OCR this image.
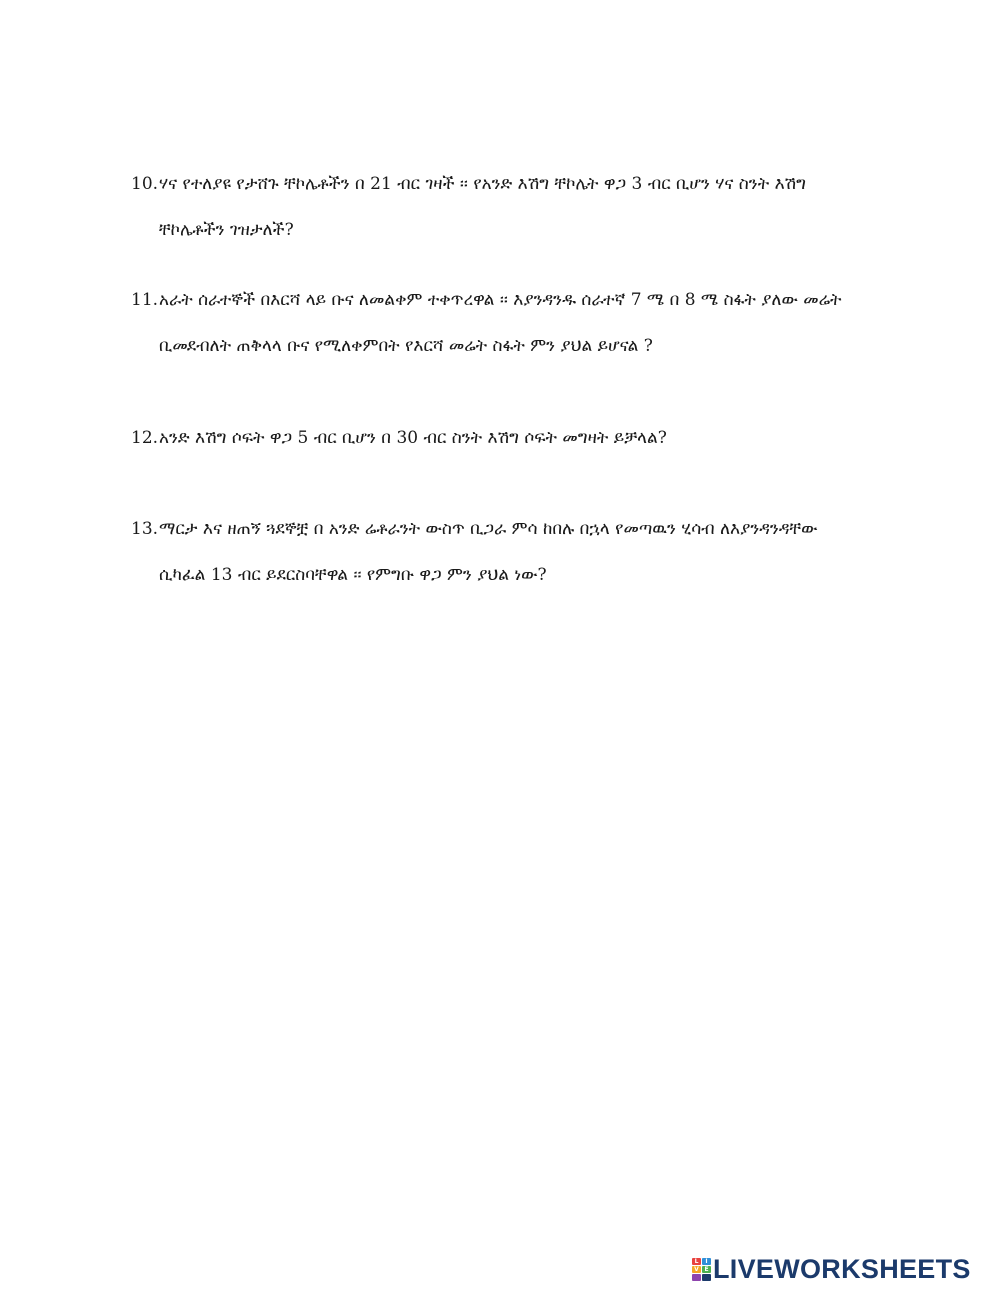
10.ሃና የተለያዩ የታሸጉ ቸኮሌቶችን በ 21 ብር ገዛች ፡፡ የአንድ እሽግ ቸኮሌት ዋጋ 3 ብር ቢሆን ሃና ስንት እሽግ
ቸኮሌቶችን ገዝታለች?
11.አራት ሰራተኞች በእርሻ ላይ ቡና ለመልቀም ተቀጥረዋል ፡፡ እያንዳንዱ ሰራተኛ 7 ሜ በ 8 ሜ ስፋት ያለው መሬት
ቢመደብለት ጠቅላላ ቡና የሚለቀምበት የእርሻ መሬት ስፋት ምን ያህል ይሆናል ?
12.አንድ እሽግ ሶፍት ዋጋ 5 ብር ቢሆን በ 30 ብር ስንት እሽግ ሶፍት መግዛት ይቻላል?
13.ማርታ እና ዘጠኝ ጓደኞቿ በ አንድ ሬቶራንት ውስጥ ቢጋራ ምሳ ከበሉ በኋላ የመጣዉን ሂሳብ ለእያንዳንዳቸው
ሲካፈል 13 ብር ይደርስባቸዋል ፡፡ የምግቡ ዋጋ ምን ያህል ነው?
L	I
V E LIVEWORKSHEETS
